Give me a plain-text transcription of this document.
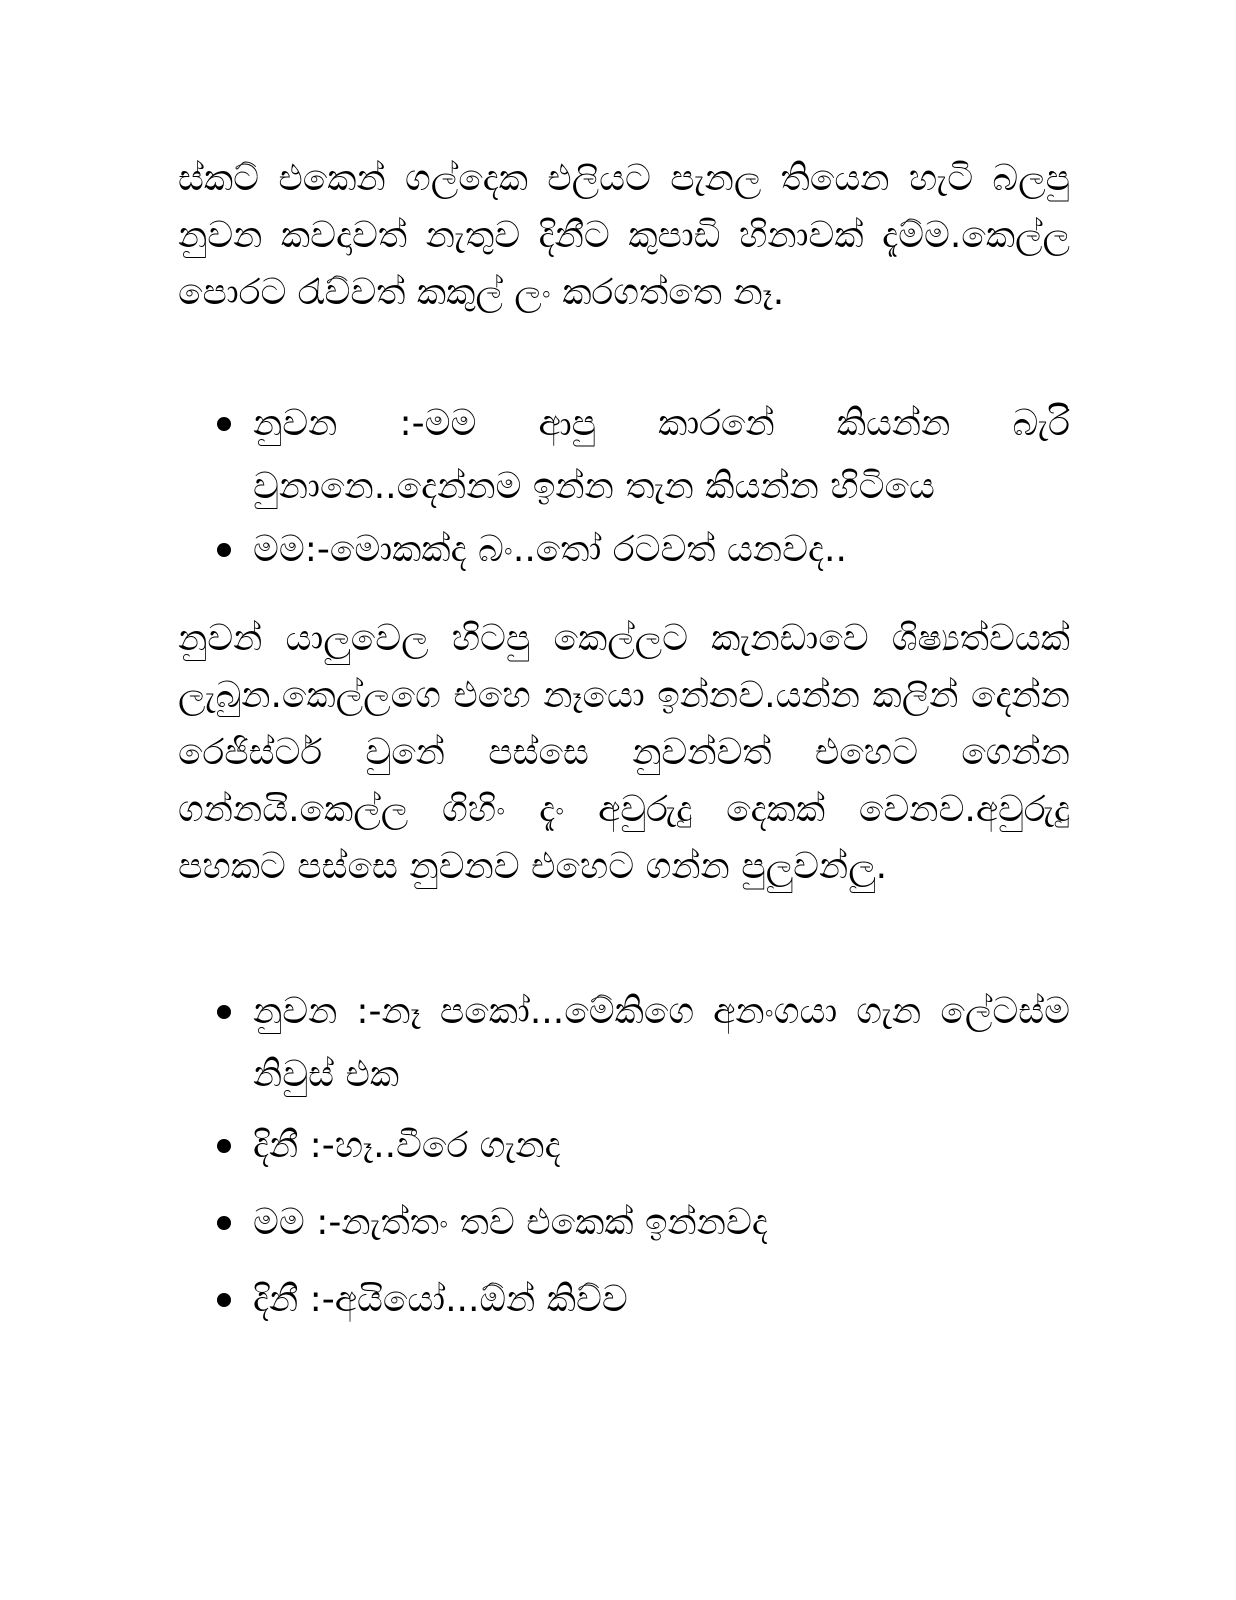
ස්කට් එකෙන් ගල්දෙක එලියට පැනල තියෙන හැටි බලපු නුවන කවදාවත් නැතුව දිනීට කුපාඩි හිනාවක් දැම්ම.කෙල්ල පොරට රැව්වත් කකුල් ලං කරගත්තෙ නෑ.

නුවන :-මම ආපු කාරනේ කියන්න බැරි වුනානෙ..දෙන්නම ඉන්න තැන කියන්න හිටියෙ
මම:-මොකක්ද බං..තෝ රටවත් යනවද..

නුවන් යාලුවෙල හිටපු කෙල්ලට කැනඩාවෙ ශිෂ්‍යත්වයක් ලැබුන.කෙල්ලගෙ එහෙ නෑයො ඉන්නව.යන්න කලින් දෙන්න රෙජිස්ටර් වුනේ පස්සෙ නුවන්වත් එහෙට ගෙන්න ගන්නයි.කෙල්ල ගිහිං දැං අවුරුදු දෙකක් වෙනව.අවුරුදු පහකට පස්සෙ නුවනව එහෙට ගන්න පුලුවන්ලු.

නුවන :-නෑ පකෝ...මේකිගෙ අනංගයා ගැන ලේටස්ම නිවුස් එක
දිනී :-හෑ..වීරෙ ගැනද
මම :-නැත්තං තව එකෙක් ඉන්නවද
දිනී :-අයියෝ...ඕන් කිව්ව
